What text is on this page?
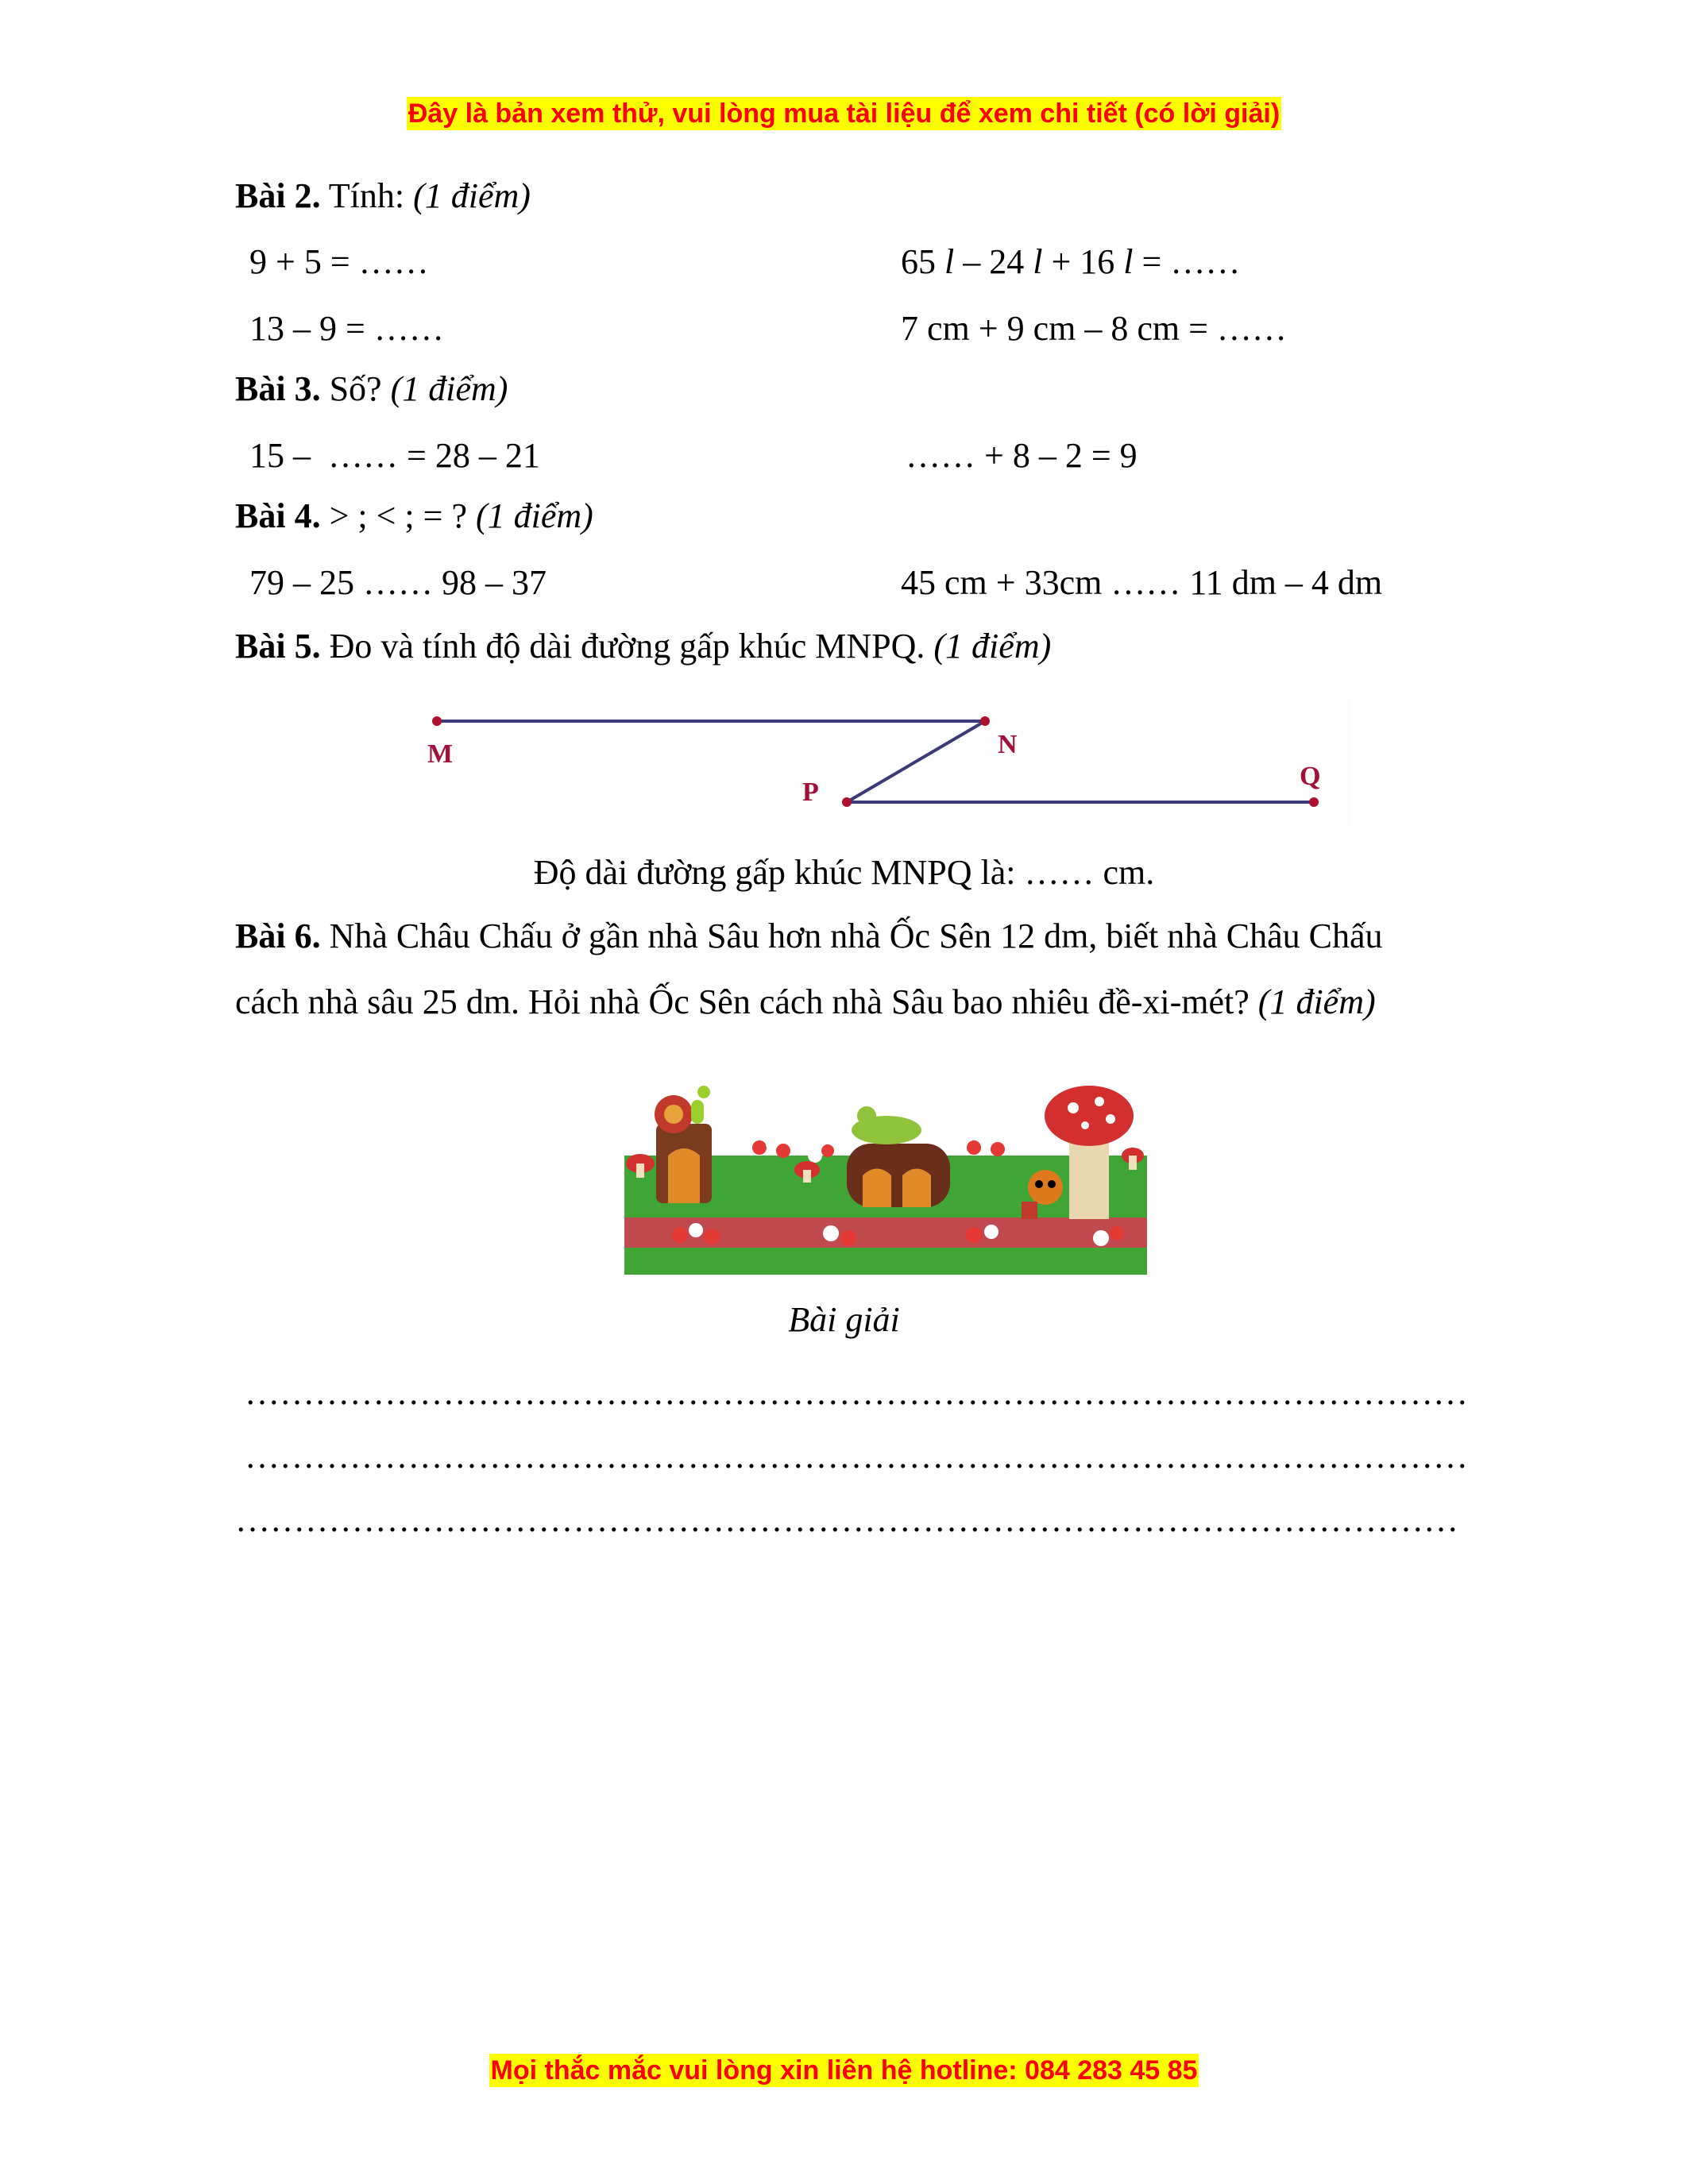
Đây là bản xem thử, vui lòng mua tài liệu để xem chi tiết (có lời giải)
Bài 2. Tính: (1 điểm)
9 + 5 = ……	65 l – 24 l + 16 l = ……
13 – 9 = ……	7 cm + 9 cm – 8 cm = ……
Bài 3. Số? (1 điểm)
15 –  …… = 28 – 21	…… + 8 – 2 = 9
Bài 4. > ; < ; = ? (1 điểm)
79 – 25 …… 98 – 37	45 cm + 33cm …… 11 dm – 4 dm
Bài 5. Đo và tính độ dài đường gấp khúc MNPQ. (1 điểm)
M	N
P
Q
Độ dài đường gấp khúc MNPQ là: …… cm.
Bài 6. Nhà Châu Chấu ở gần nhà Sâu hơn nhà Ốc Sên 12 dm, biết nhà Châu Chấu
cách nhà sâu 25 dm. Hỏi nhà Ốc Sên cách nhà Sâu bao nhiêu đề-xi-mét? (1 điểm)
Bài giải
……………………………………………………………………………………………
……………………………………………………………………………………………
……………………………………………………………………………………………
Mọi thắc mắc vui lòng xin liên hệ hotline: 084 283 45 85
